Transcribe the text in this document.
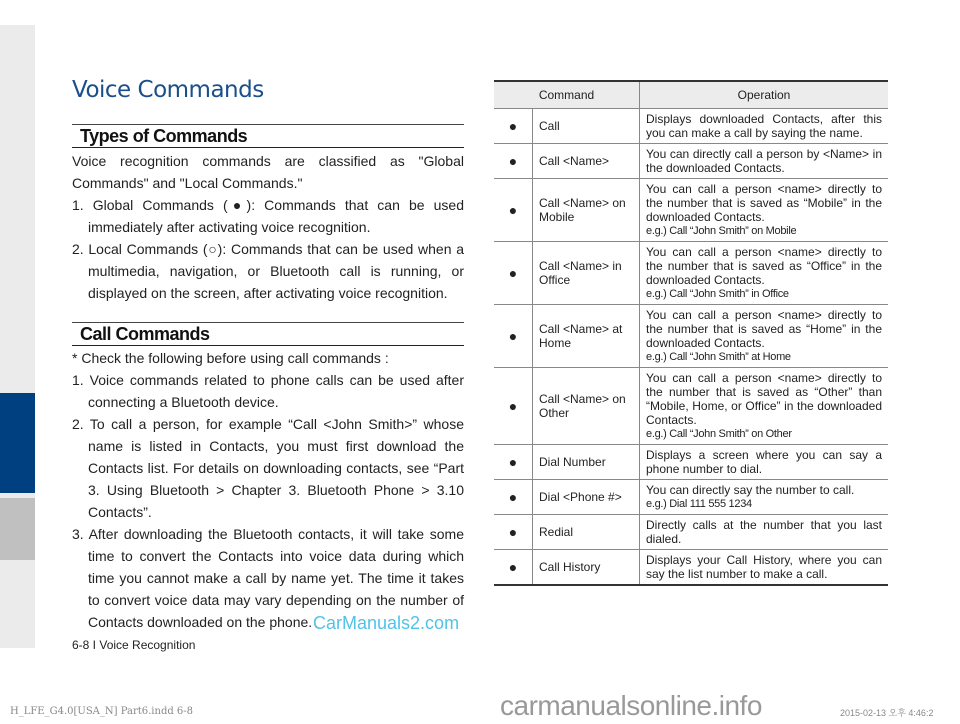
Voice Commands
Types of Commands

Voice recognition commands are classified as "Global Commands" and "Local Commands."

1. Global Commands (●): Commands that can be used immediately after activating voice recognition.

2. Local Commands (○): Commands that can be used when a multimedia, navigation, or Bluetooth call is running, or displayed on the screen, after activating voice recognition.

Call Commands

* Check the following before using call commands :

1. Voice commands related to phone calls can be used after connecting a Bluetooth device.

2. To call a person, for example “Call <John Smith>” whose name is listed in Contacts, you must first download the Contacts list. For details on downloading contacts, see “Part 3. Using Bluetooth > Chapter 3. Bluetooth Phone > 3.10 Contacts”.

3. After downloading the Bluetooth contacts, it will take some time to convert the Contacts into voice data during which time you cannot make a call by name yet. The time it takes to convert voice data may vary depending on the number of Contacts downloaded on the phone.

Command		Operation
●	Call	Displays downloaded Contacts, after this you can make a call by saying the name.

●	Call <Name>	You can directly call a person by <Name> in the downloaded Contacts.

●	Call <Name> on Mobile	You can call a person <name> directly to the number that is saved as “Mobile” in the downloaded Contacts.
e.g.) Call “John Smith” on Mobile

●	Call <Name> in Office	You can call a person <name> directly to the number that is saved as “Office” in the downloaded Contacts.
e.g.) Call “John Smith” in Office

●	Call <Name> at Home	You can call a person <name> directly to the number that is saved as “Home” in the downloaded Contacts.
e.g.) Call “John Smith” at Home

●	Call <Name> on Other	You can call a person <name> directly to the number that is saved as “Other” than “Mobile, Home, or Office” in the downloaded Contacts.
e.g.) Call “John Smith” on Other

●	Dial Number	Displays a screen where you can say a phone number to dial.

●	Dial <Phone #>	You can directly say the number to call.
e.g.) Dial 111 555 1234

●	Redial	Directly calls at the number that you last dialed.

●	Call History	Displays your Call History, where you can say the list number to make a call.
CarManuals2.com
6-8 I Voice Recognition
H_LFE_G4.0[USA_N] Part6.indd 6-8	carmanualsonline.info	2015-02-13 오후 4:46:2
